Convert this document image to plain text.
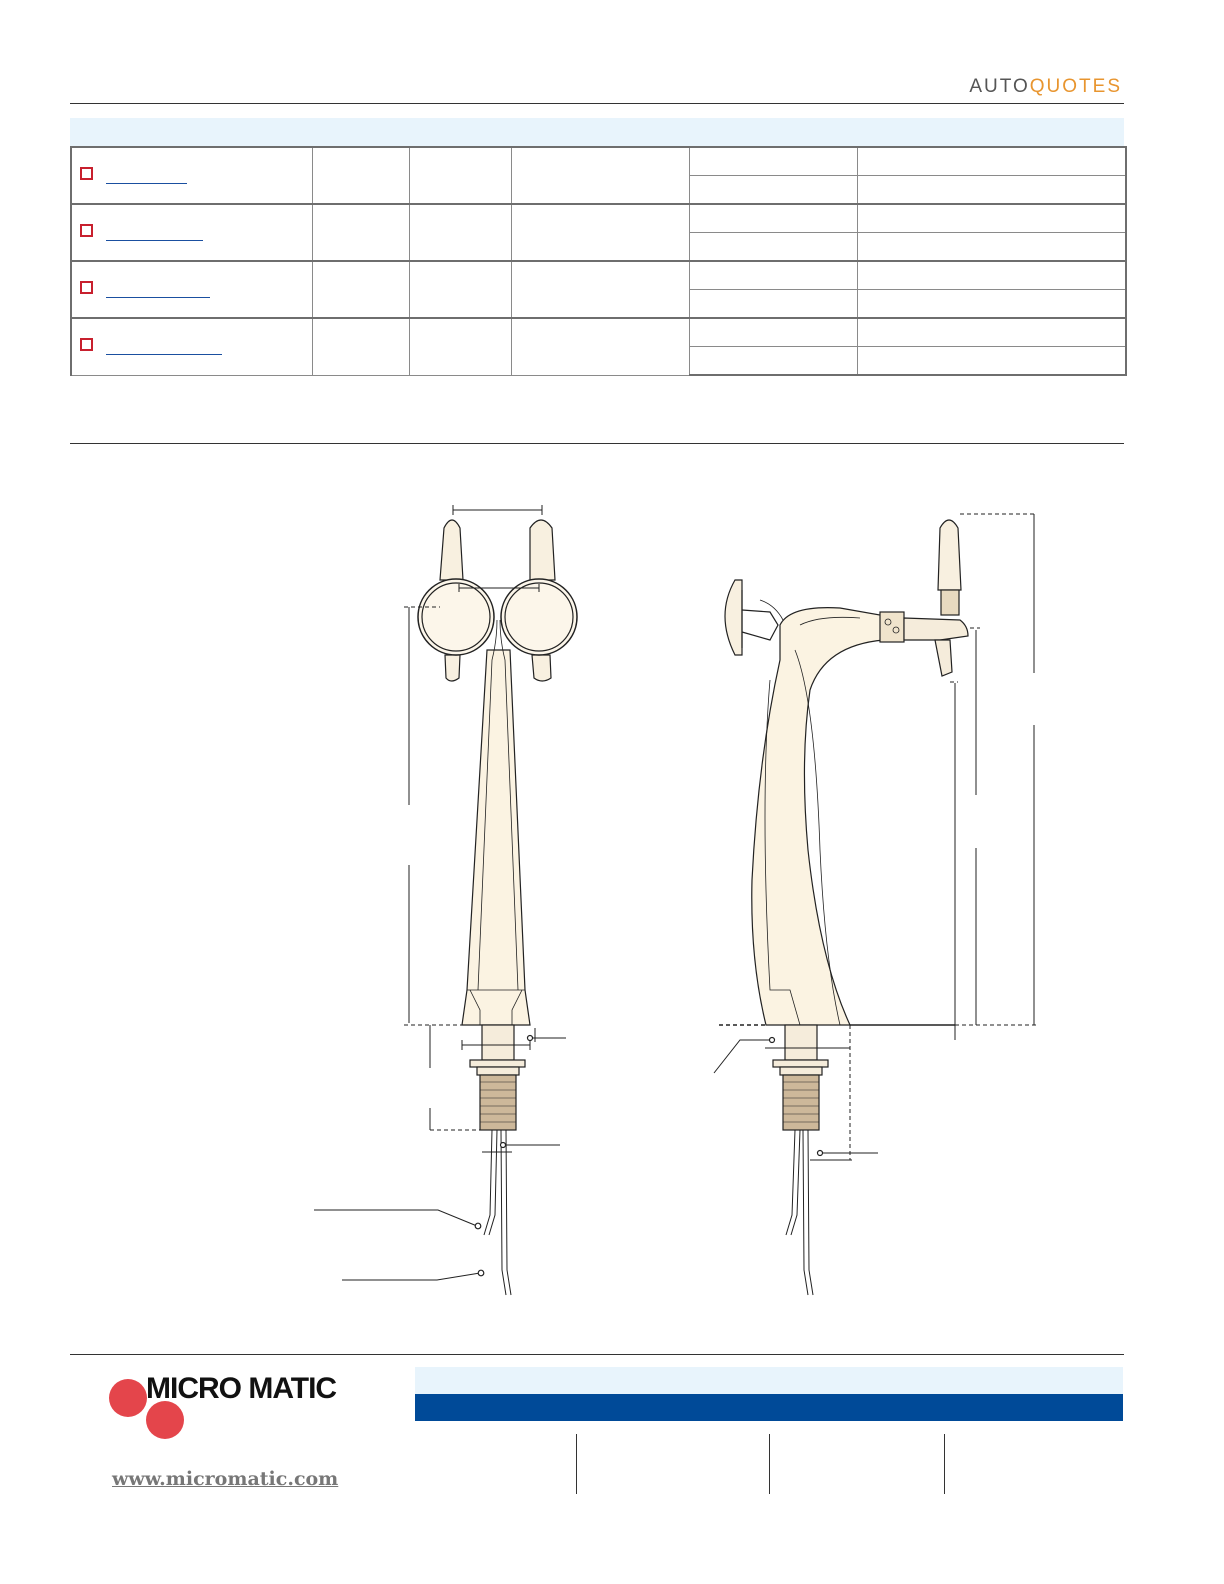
AUTOQUOTES

MICRO MATIC
www.micromatic.com
